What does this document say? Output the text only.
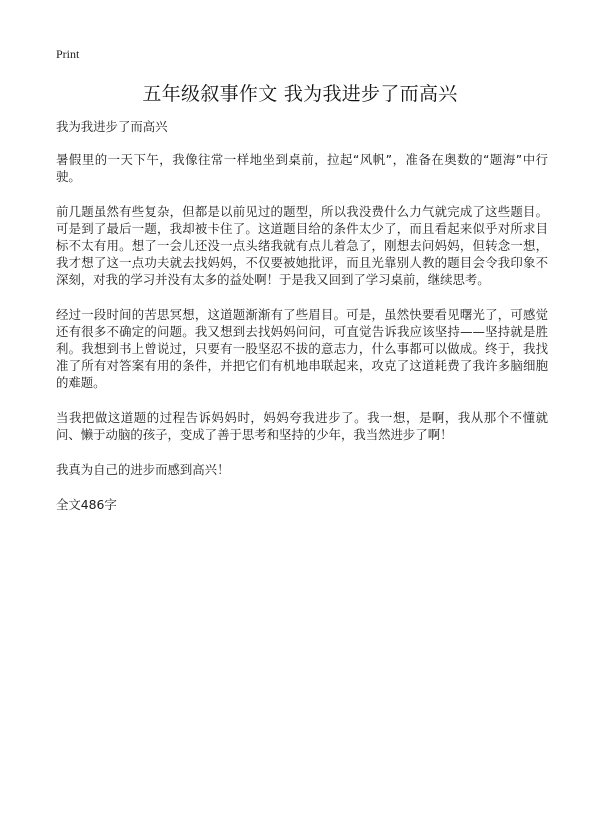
Print
五年级叙事作文 我为我进步了而高兴

我为我进步了而高兴

暑假里的一天下午，我像往常一样地坐到桌前，拉起“风帆”，准备在奥数的“题海”中行驶。

前几题虽然有些复杂，但都是以前见过的题型，所以我没费什么力气就完成了这些题目。可是到了最后一题，我却被卡住了。这道题目给的条件太少了，而且看起来似乎对所求目标不太有用。想了一会儿还没一点头绪我就有点儿着急了，刚想去问妈妈，但转念一想，我才想了这一点功夫就去找妈妈，不仅要被她批评，而且光靠别人教的题目会令我印象不深刻，对我的学习并没有太多的益处啊！于是我又回到了学习桌前，继续思考。

经过一段时间的苦思冥想，这道题渐渐有了些眉目。可是，虽然快要看见曙光了，可感觉还有很多不确定的问题。我又想到去找妈妈问问，可直觉告诉我应该坚持——坚持就是胜利。我想到书上曾说过，只要有一股坚忍不拔的意志力，什么事都可以做成。终于，我找准了所有对答案有用的条件，并把它们有机地串联起来，攻克了这道耗费了我许多脑细胞的难题。

当我把做这道题的过程告诉妈妈时，妈妈夸我进步了。我一想，是啊，我从那个不懂就问、懒于动脑的孩子，变成了善于思考和坚持的少年，我当然进步了啊！

我真为自己的进步而感到高兴！

全文486字
